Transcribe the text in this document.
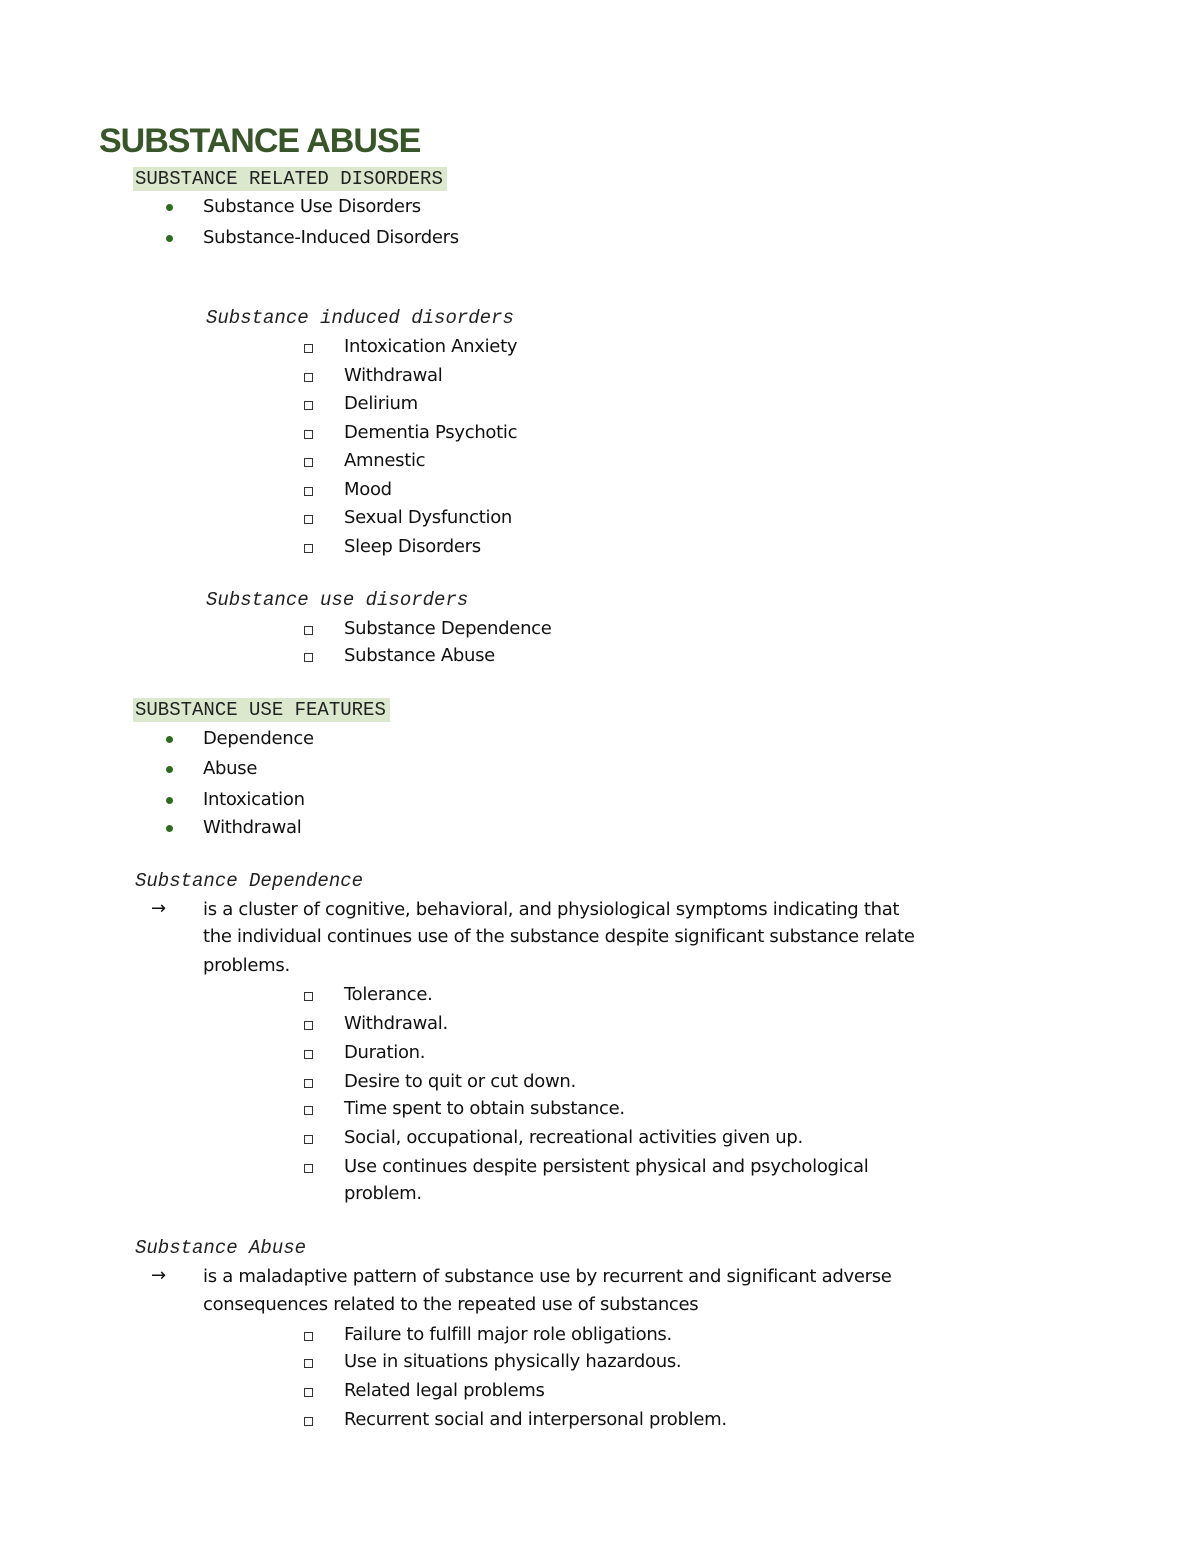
SUBSTANCE ABUSE
SUBSTANCE RELATED DISORDERS
Substance Use Disorders
Substance-Induced Disorders
Substance induced disorders
Intoxication Anxiety
Withdrawal
Delirium
Dementia Psychotic
Amnestic
Mood
Sexual Dysfunction
Sleep Disorders
Substance use disorders
Substance Dependence
Substance Abuse
SUBSTANCE USE FEATURES
Dependence
Abuse
Intoxication
Withdrawal
Substance Dependence
→ is a cluster of cognitive, behavioral, and physiological symptoms indicating that
the individual continues use of the substance despite significant substance relate
problems.
Tolerance.
Withdrawal.
Duration.
Desire to quit or cut down.
Time spent to obtain substance.
Social, occupational, recreational activities given up.
Use continues despite persistent physical and psychological
problem.
Substance Abuse
→ is a maladaptive pattern of substance use by recurrent and significant adverse
consequences related to the repeated use of substances
Failure to fulfill major role obligations.
Use in situations physically hazardous.
Related legal problems
Recurrent social and interpersonal problem.
